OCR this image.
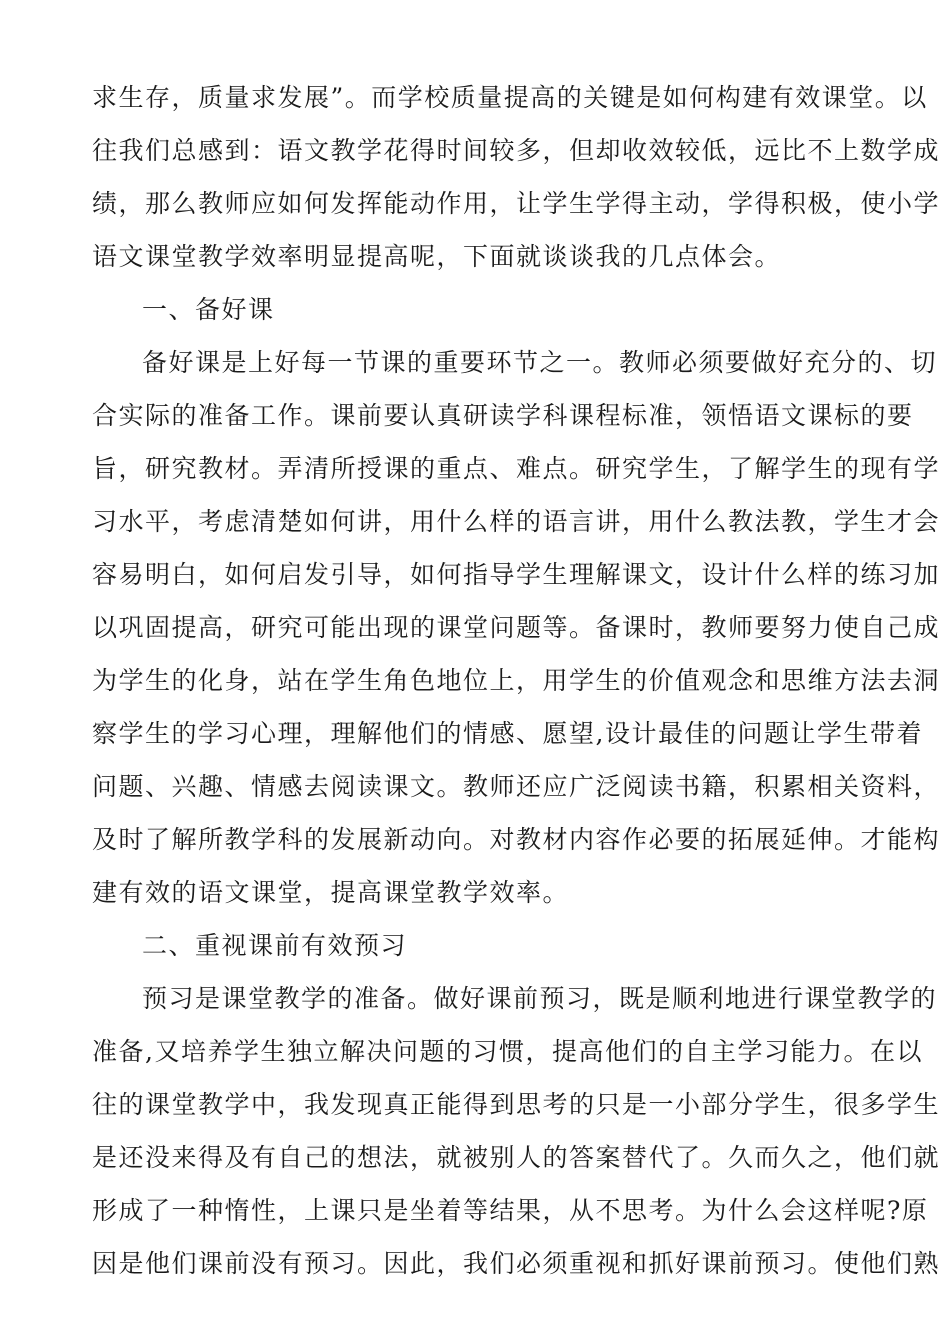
求生存，质量求发展”。而学校质量提高的关键是如何构建有效课堂。以
往我们总感到：语文教学花得时间较多，但却收效较低，远比不上数学成
绩，那么教师应如何发挥能动作用，让学生学得主动，学得积极，使小学
语文课堂教学效率明显提高呢，下面就谈谈我的几点体会。
一、备好课
备好课是上好每一节课的重要环节之一。教师必须要做好充分的、切
合实际的准备工作。课前要认真研读学科课程标准，领悟语文课标的要
旨，研究教材。弄清所授课的重点、难点。研究学生，了解学生的现有学
习水平，考虑清楚如何讲，用什么样的语言讲，用什么教法教，学生才会
容易明白，如何启发引导，如何指导学生理解课文，设计什么样的练习加
以巩固提高，研究可能出现的课堂问题等。备课时，教师要努力使自己成
为学生的化身，站在学生角色地位上，用学生的价值观念和思维方法去洞
察学生的学习心理，理解他们的情感、愿望,设计最佳的问题让学生带着
问题、兴趣、情感去阅读课文。教师还应广泛阅读书籍，积累相关资料，
及时了解所教学科的发展新动向。对教材内容作必要的拓展延伸。才能构
建有效的语文课堂，提高课堂教学效率。
二、重视课前有效预习
预习是课堂教学的准备。做好课前预习，既是顺利地进行课堂教学的
准备,又培养学生独立解决问题的习惯，提高他们的自主学习能力。在以
往的课堂教学中，我发现真正能得到思考的只是一小部分学生，很多学生
是还没来得及有自己的想法，就被别人的答案替代了。久而久之，他们就
形成了一种惰性，上课只是坐着等结果，从不思考。为什么会这样呢?原
因是他们课前没有预习。因此，我们必须重视和抓好课前预习。使他们熟
